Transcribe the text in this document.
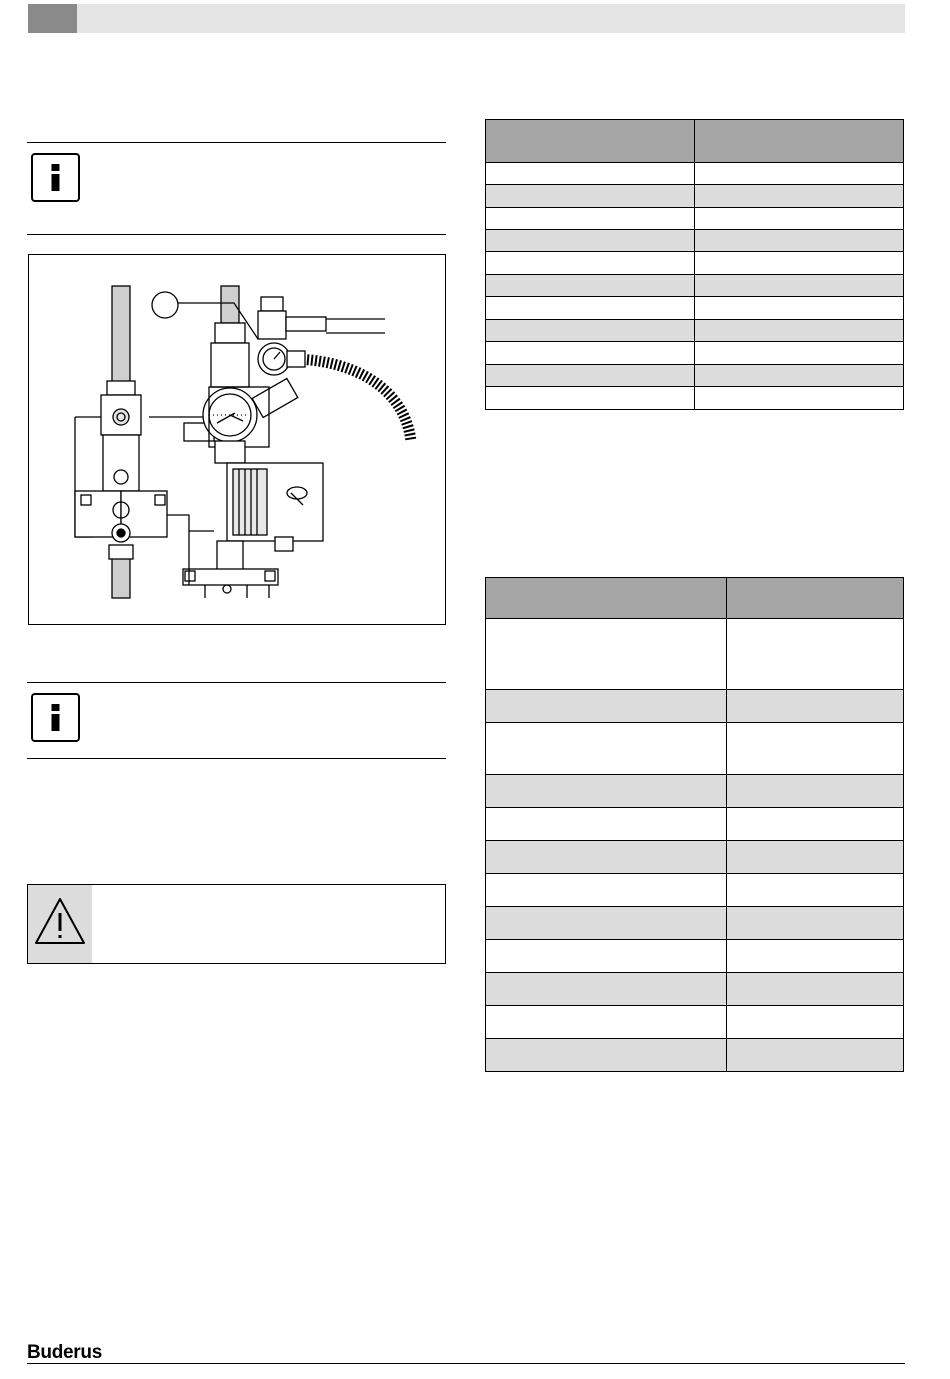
Buderus
